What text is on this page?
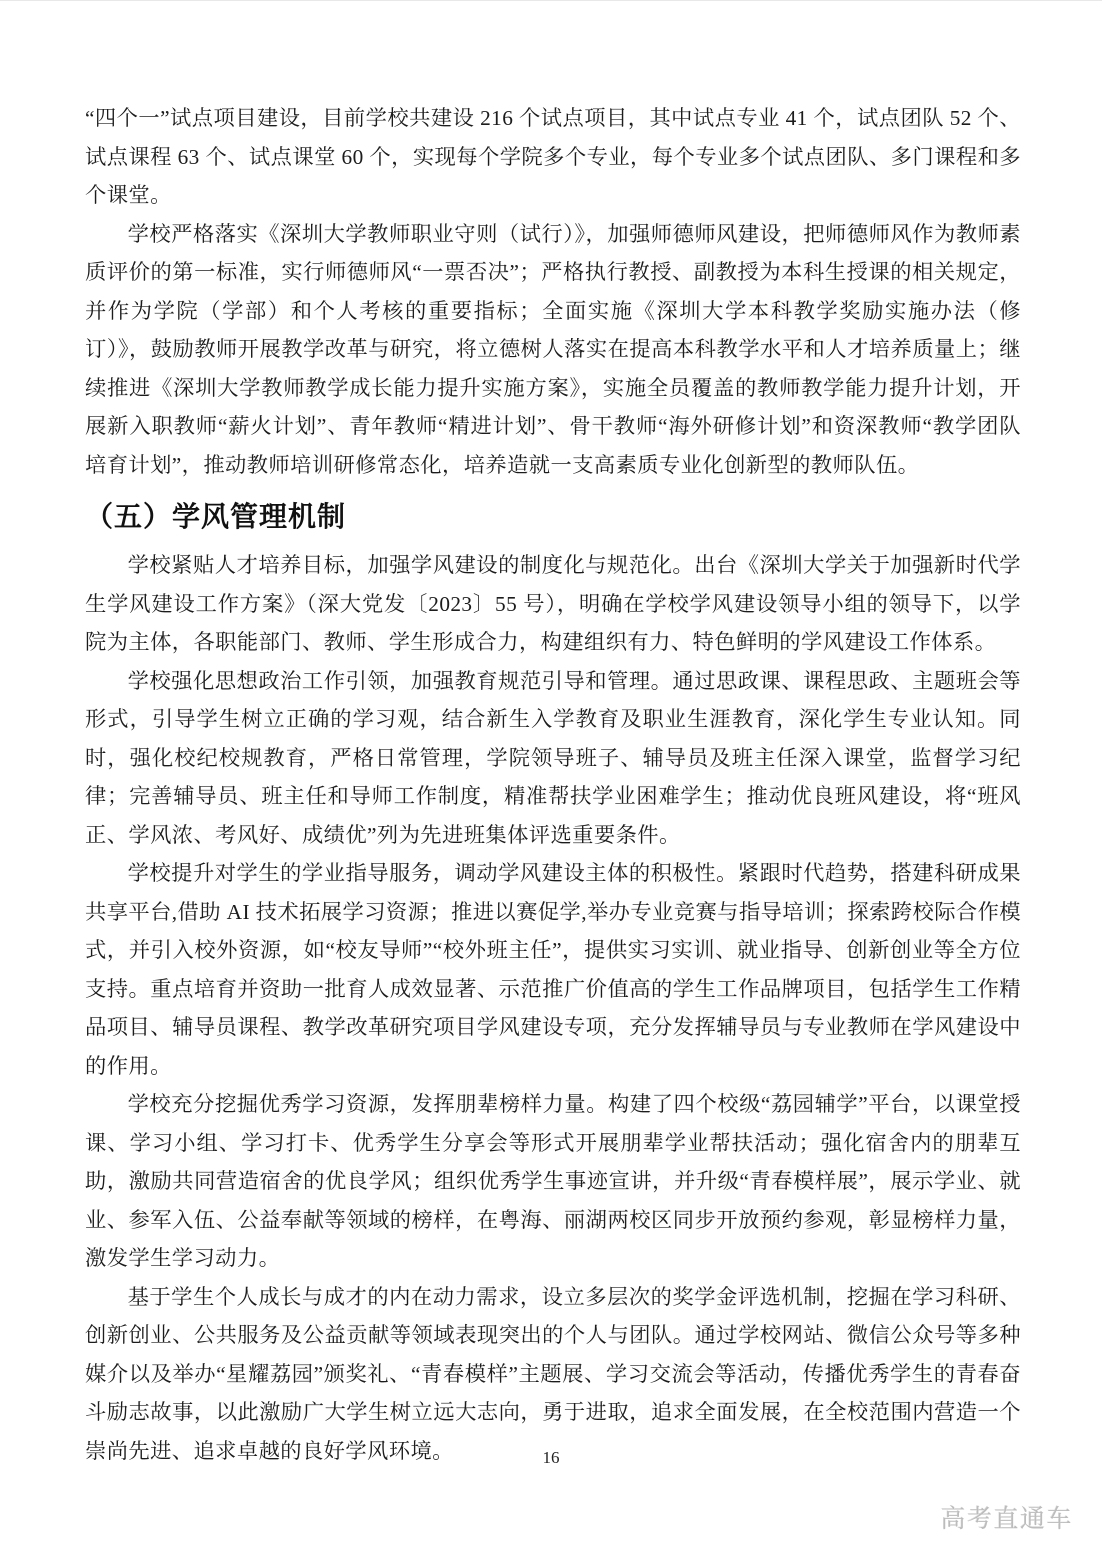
“四个一”试点项目建设，目前学校共建设 216 个试点项目，其中试点专业 41 个，试点团队 52 个、试点课程 63 个、试点课堂 60 个，实现每个学院多个专业，每个专业多个试点团队、多门课程和多个课堂。

学校严格落实《深圳大学教师职业守则（试行）》，加强师德师风建设，把师德师风作为教师素质评价的第一标准，实行师德师风“一票否决”；严格执行教授、副教授为本科生授课的相关规定，并作为学院（学部）和个人考核的重要指标；全面实施《深圳大学本科教学奖励实施办法（修订）》，鼓励教师开展教学改革与研究，将立德树人落实在提高本科教学水平和人才培养质量上；继续推进《深圳大学教师教学成长能力提升实施方案》，实施全员覆盖的教师教学能力提升计划，开展新入职教师“薪火计划”、青年教师“精进计划”、骨干教师“海外研修计划”和资深教师“教学团队培育计划”，推动教师培训研修常态化，培养造就一支高素质专业化创新型的教师队伍。

（五）学风管理机制

学校紧贴人才培养目标，加强学风建设的制度化与规范化。出台《深圳大学关于加强新时代学生学风建设工作方案》（深大党发〔2023〕55 号），明确在学校学风建设领导小组的领导下，以学院为主体，各职能部门、教师、学生形成合力，构建组织有力、特色鲜明的学风建设工作体系。

学校强化思想政治工作引领，加强教育规范引导和管理。通过思政课、课程思政、主题班会等形式，引导学生树立正确的学习观，结合新生入学教育及职业生涯教育，深化学生专业认知。同时，强化校纪校规教育，严格日常管理，学院领导班子、辅导员及班主任深入课堂，监督学习纪律；完善辅导员、班主任和导师工作制度，精准帮扶学业困难学生；推动优良班风建设，将“班风正、学风浓、考风好、成绩优”列为先进班集体评选重要条件。

学校提升对学生的学业指导服务，调动学风建设主体的积极性。紧跟时代趋势，搭建科研成果共享平台,借助 AI 技术拓展学习资源；推进以赛促学,举办专业竞赛与指导培训；探索跨校际合作模式，并引入校外资源，如“校友导师”“校外班主任”，提供实习实训、就业指导、创新创业等全方位支持。重点培育并资助一批育人成效显著、示范推广价值高的学生工作品牌项目，包括学生工作精品项目、辅导员课程、教学改革研究项目学风建设专项，充分发挥辅导员与专业教师在学风建设中的作用。

学校充分挖掘优秀学习资源，发挥朋辈榜样力量。构建了四个校级“荔园辅学”平台，以课堂授课、学习小组、学习打卡、优秀学生分享会等形式开展朋辈学业帮扶活动；强化宿舍内的朋辈互助，激励共同营造宿舍的优良学风；组织优秀学生事迹宣讲，并升级“青春模样展”，展示学业、就业、参军入伍、公益奉献等领域的榜样，在粤海、丽湖两校区同步开放预约参观，彰显榜样力量，激发学生学习动力。

基于学生个人成长与成才的内在动力需求，设立多层次的奖学金评选机制，挖掘在学习科研、创新创业、公共服务及公益贡献等领域表现突出的个人与团队。通过学校网站、微信公众号等多种媒介以及举办“星耀荔园”颁奖礼、“青春模样”主题展、学习交流会等活动，传播优秀学生的青春奋斗励志故事，以此激励广大学生树立远大志向，勇于进取，追求全面发展，在全校范围内营造一个崇尚先进、追求卓越的良好学风环境。	16
高考直通车
